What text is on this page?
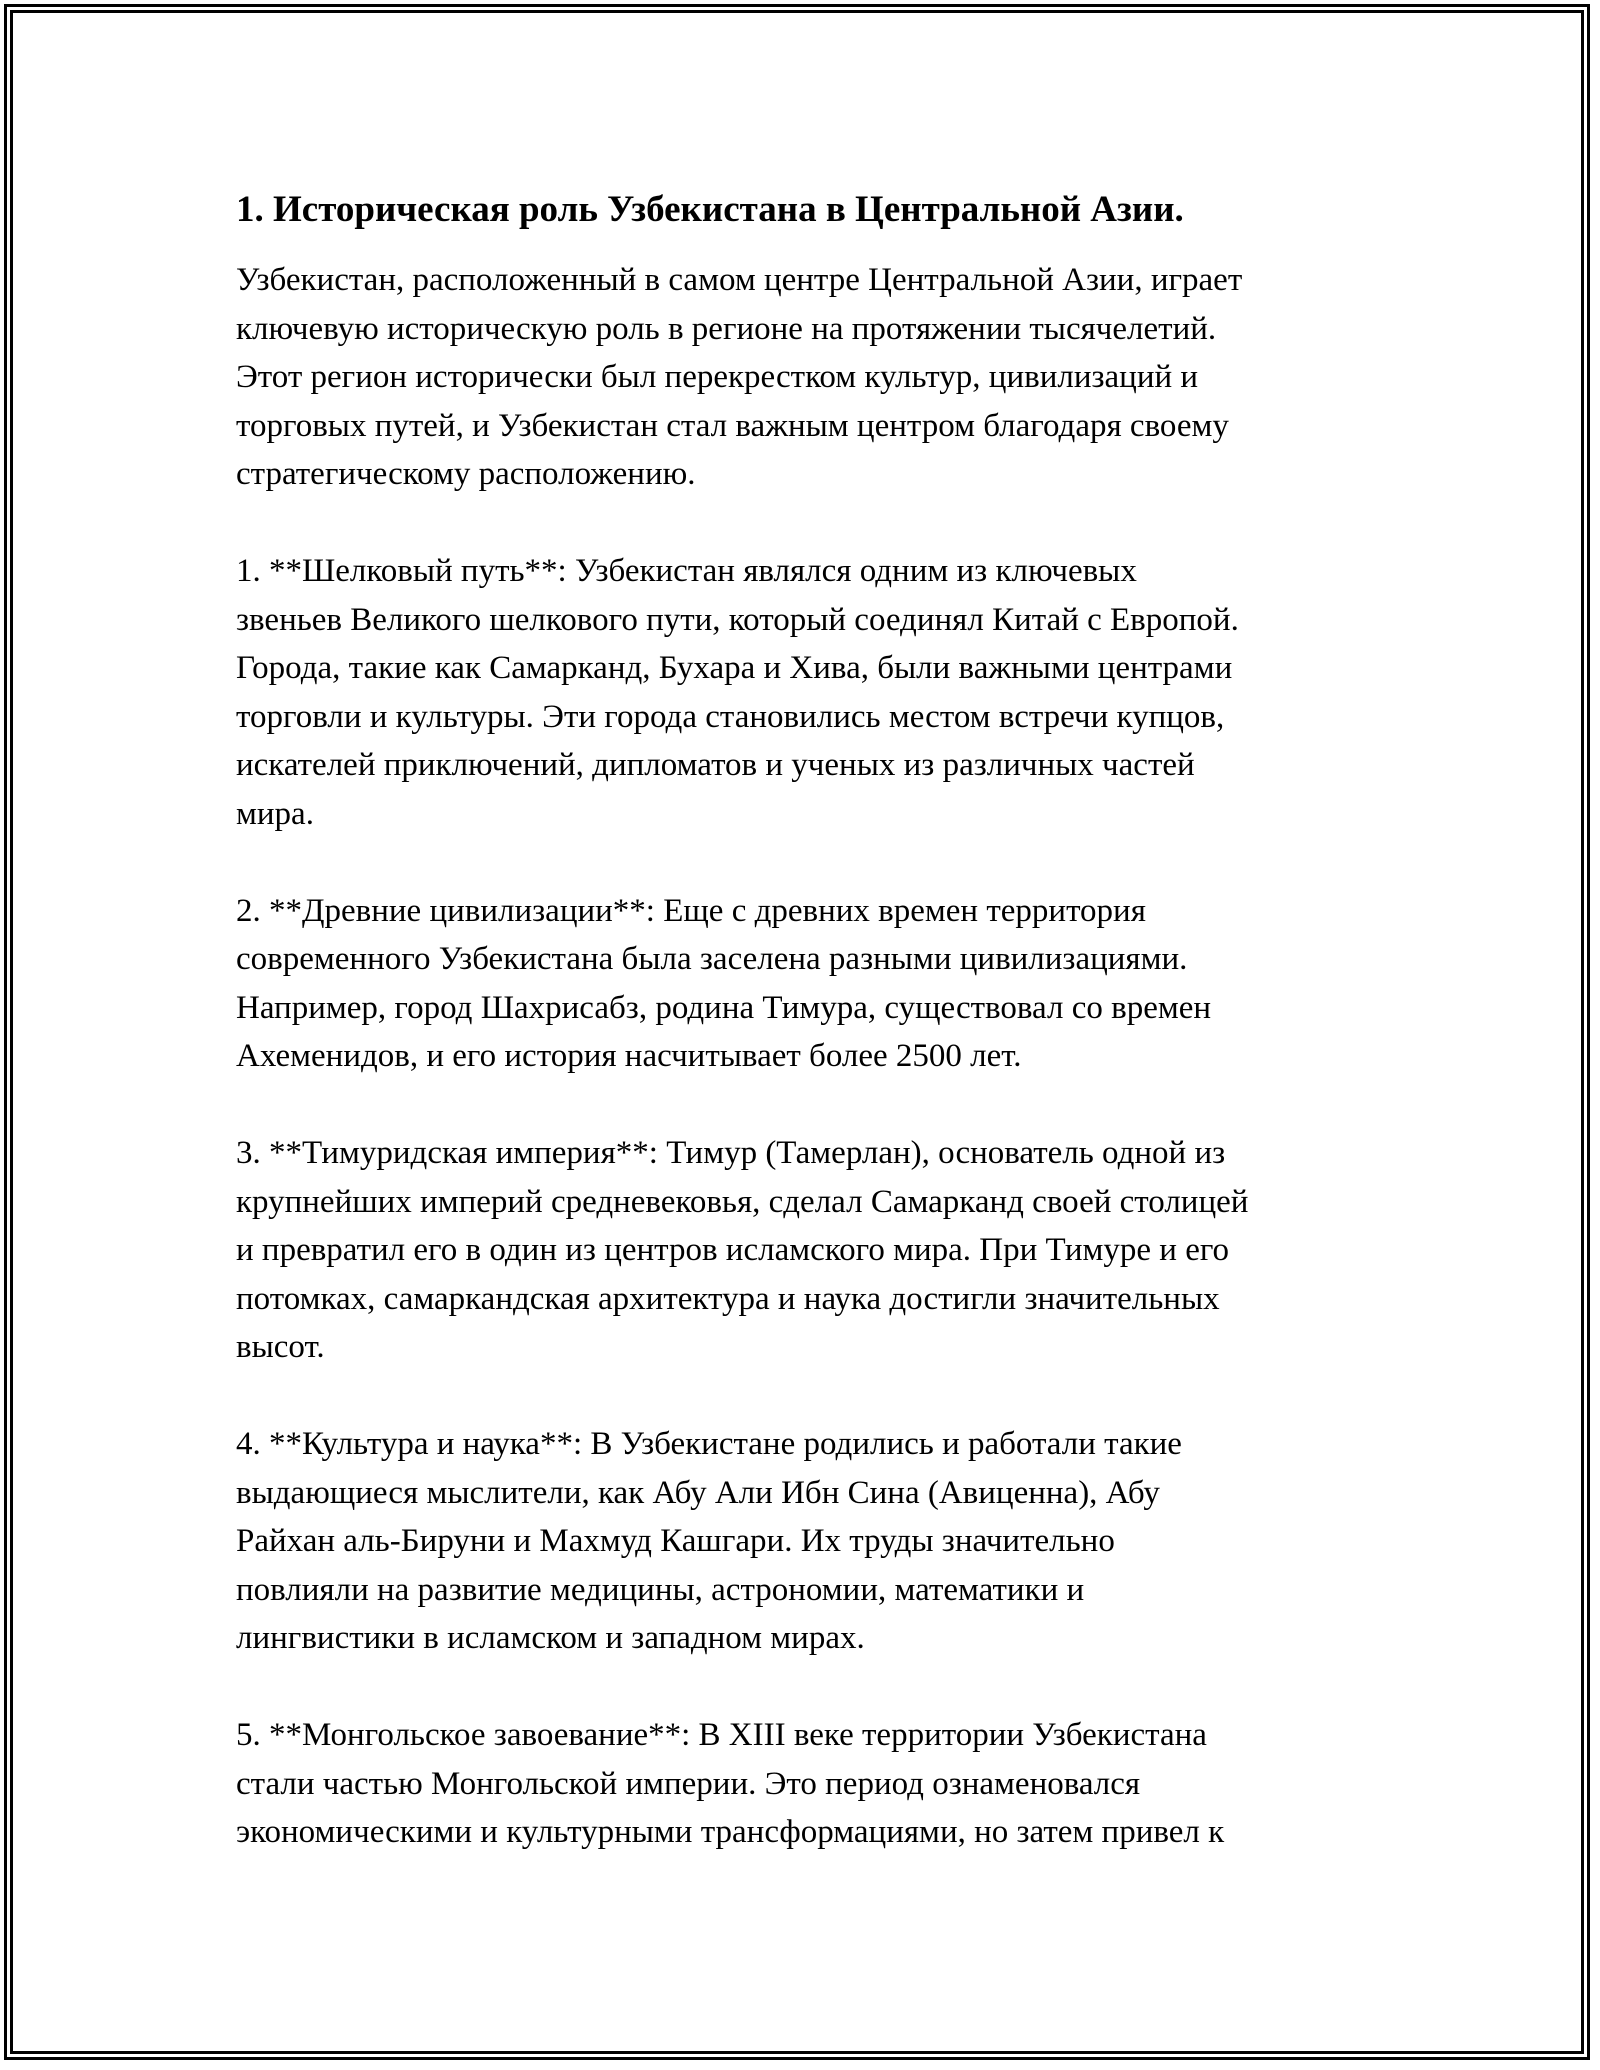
1. Историческая роль Узбекистана в Центральной Азии.

Узбекистан, расположенный в самом центре Центральной Азии, играет
ключевую историческую роль в регионе на протяжении тысячелетий.
Этот регион исторически был перекрестком культур, цивилизаций и
торговых путей, и Узбекистан стал важным центром благодаря своему
стратегическому расположению.

1. **Шелковый путь**: Узбекистан являлся одним из ключевых
звеньев Великого шелкового пути, который соединял Китай с Европой.
Города, такие как Самарканд, Бухара и Хива, были важными центрами
торговли и культуры. Эти города становились местом встречи купцов,
искателей приключений, дипломатов и ученых из различных частей
мира.

2. **Древние цивилизации**: Еще с древних времен территория
современного Узбекистана была заселена разными цивилизациями.
Например, город Шахрисабз, родина Тимура, существовал со времен
Ахеменидов, и его история насчитывает более 2500 лет.

3. **Тимуридская империя**: Тимур (Тамерлан), основатель одной из
крупнейших империй средневековья, сделал Самарканд своей столицей
и превратил его в один из центров исламского мира. При Тимуре и его
потомках, самаркандская архитектура и наука достигли значительных
высот.

4. **Культура и наука**: В Узбекистане родились и работали такие
выдающиеся мыслители, как Абу Али Ибн Сина (Авиценна), Абу
Райхан аль-Бируни и Махмуд Кашгари. Их труды значительно
повлияли на развитие медицины, астрономии, математики и
лингвистики в исламском и западном мирах.

5. **Монгольское завоевание**: В XIII веке территории Узбекистана
стали частью Монгольской империи. Это период ознаменовался
экономическими и культурными трансформациями, но затем привел к
